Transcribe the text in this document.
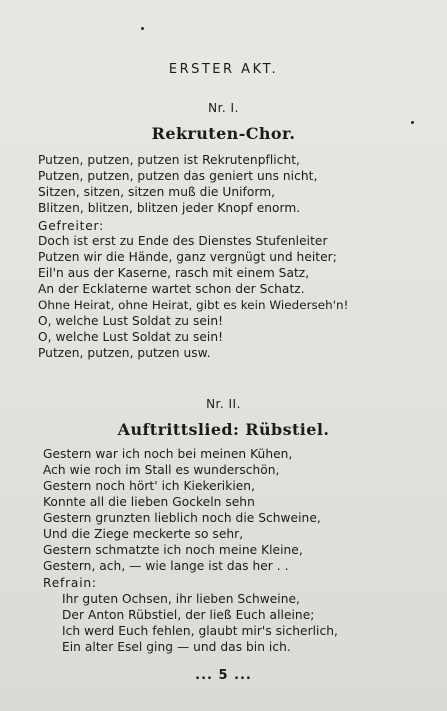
ERSTER AKT.
Nr. I.
Rekruten-Chor.
Putzen, putzen, putzen ist Rekrutenpflicht,
Putzen, putzen, putzen das geniert uns nicht,
Sitzen, sitzen, sitzen muß die Uniform,
Blitzen, blitzen, blitzen jeder Knopf enorm.
Gefreiter:
Doch ist erst zu Ende des Dienstes Stufenleiter
Putzen wir die Hände, ganz vergnügt und heiter;
Eil'n aus der Kaserne, rasch mit einem Satz,
An der Ecklaterne wartet schon der Schatz.
Ohne Heirat, ohne Heirat, gibt es kein Wiederseh'n!
O, welche Lust Soldat zu sein!
O, welche Lust Soldat zu sein!
Putzen, putzen, putzen usw.
Nr. II.
Auftrittslied: Rübstiel.
Gestern war ich noch bei meinen Kühen,
Ach wie roch im Stall es wunderschön,
Gestern noch hört' ich Kiekerikien,
Konnte all die lieben Gockeln sehn
Gestern grunzten lieblich noch die Schweine,
Und die Ziege meckerte so sehr,
Gestern schmatzte ich noch meine Kleine,
Gestern, ach, — wie lange ist das her . .
Refrain:
Ihr guten Ochsen, ihr lieben Schweine,
Der Anton Rübstiel, der ließ Euch alleine;
Ich werd Euch fehlen, glaubt mir's sicherlich,
Ein alter Esel ging — und das bin ich.
... 5 ...
